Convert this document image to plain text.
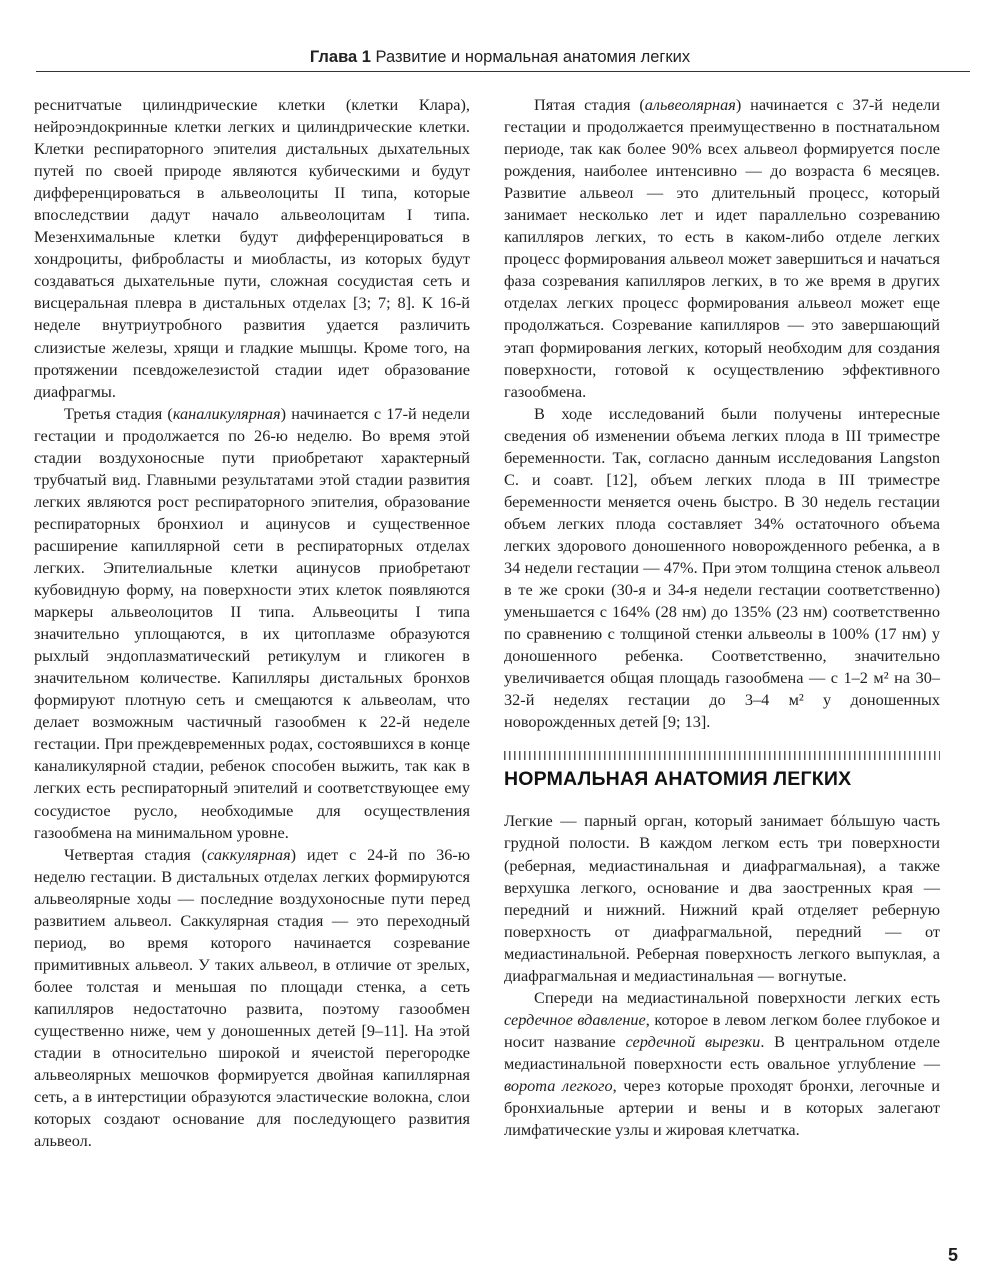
Глава 1 Развитие и нормальная анатомия легких

реснитчатые цилиндрические клетки (клетки Клара), нейроэндокринные клетки легких и цилиндрические клетки. Клетки респираторного эпителия дистальных дыхательных путей по своей природе являются кубическими и будут дифференцироваться в альвеолоциты II типа, которые впоследствии дадут начало альвеолоцитам I типа. Мезенхимальные клетки будут дифференцироваться в хондроциты, фибробласты и миобласты, из которых будут создаваться дыхательные пути, сложная сосудистая сеть и висцеральная плевра в дистальных отделах [3; 7; 8]. К 16-й неделе внутриутробного развития удается различить слизистые железы, хрящи и гладкие мышцы. Кроме того, на протяжении псевдожелезистой стадии идет образование диафрагмы.

Третья стадия (каналикулярная) начинается с 17-й недели гестации и продолжается по 26-ю неделю. Во время этой стадии воздухоносные пути приобретают характерный трубчатый вид. Главными результатами этой стадии развития легких являются рост респираторного эпителия, образование респираторных бронхиол и ацинусов и существенное расширение капиллярной сети в респираторных отделах легких. Эпителиальные клетки ацинусов приобретают кубовидную форму, на поверхности этих клеток появляются маркеры альвеолоцитов II типа. Альвеоциты I типа значительно уплощаются, в их цитоплазме образуются рыхлый эндоплазматический ретикулум и гликоген в значительном количестве. Капилляры дистальных бронхов формируют плотную сеть и смещаются к альвеолам, что делает возможным частичный газообмен к 22-й неделе гестации. При преждевременных родах, состоявшихся в конце каналикулярной стадии, ребенок способен выжить, так как в легких есть респираторный эпителий и соответствующее ему сосудистое русло, необходимые для осуществления газообмена на минимальном уровне.

Четвертая стадия (саккулярная) идет с 24-й по 36-ю неделю гестации. В дистальных отделах легких формируются альвеолярные ходы — последние воздухоносные пути перед развитием альвеол. Саккулярная стадия — это переходный период, во время которого начинается созревание примитивных альвеол. У таких альвеол, в отличие от зрелых, более толстая и меньшая по площади стенка, а сеть капилляров недостаточно развита, поэтому газообмен существенно ниже, чем у доношенных детей [9–11]. На этой стадии в относительно широкой и ячеистой перегородке альвеолярных мешочков формируется двойная капиллярная сеть, а в интерстиции образуются эластические волокна, слои которых создают основание для последующего развития альвеол.

Пятая стадия (альвеолярная) начинается с 37-й недели гестации и продолжается преимущественно в постнатальном периоде, так как более 90% всех альвеол формируется после рождения, наиболее интенсивно — до возраста 6 месяцев. Развитие альвеол — это длительный процесс, который занимает несколько лет и идет параллельно созреванию капилляров легких, то есть в каком-либо отделе легких процесс формирования альвеол может завершиться и начаться фаза созревания капилляров легких, в то же время в других отделах легких процесс формирования альвеол может еще продолжаться. Созревание капилляров — это завершающий этап формирования легких, который необходим для создания поверхности, готовой к осуществлению эффективного газообмена.

В ходе исследований были получены интересные сведения об изменении объема легких плода в III триместре беременности. Так, согласно данным исследования Langston C. и соавт. [12], объем легких плода в III триместре беременности меняется очень быстро. В 30 недель гестации объем легких плода составляет 34% остаточного объема легких здорового доношенного новорожденного ребенка, а в 34 недели гестации — 47%. При этом толщина стенок альвеол в те же сроки (30-я и 34-я недели гестации соответственно) уменьшается с 164% (28 нм) до 135% (23 нм) соответственно по сравнению с толщиной стенки альвеолы в 100% (17 нм) у доношенного ребенка. Соответственно, значительно увеличивается общая площадь газообмена — с 1–2 м² на 30–32-й неделях гестации до 3–4 м² у доношенных новорожденных детей [9; 13].

НОРМАЛЬНАЯ АНАТОМИЯ ЛЕГКИХ

Легкие — парный орган, который занимает бóльшую часть грудной полости. В каждом легком есть три поверхности (реберная, медиастинальная и диафрагмальная), а также верхушка легкого, основание и два заостренных края — передний и нижний. Нижний край отделяет реберную поверхность от диафрагмальной, передний — от медиастинальной. Реберная поверхность легкого выпуклая, а диафрагмальная и медиастинальная — вогнутые.

Спереди на медиастинальной поверхности легких есть сердечное вдавление, которое в левом легком более глубокое и носит название сердечной вырезки. В центральном отделе медиастинальной поверхности есть овальное углубление — ворота легкого, через которые проходят бронхи, легочные и бронхиальные артерии и вены и в которых залегают лимфатические узлы и жировая клетчатка.

5
